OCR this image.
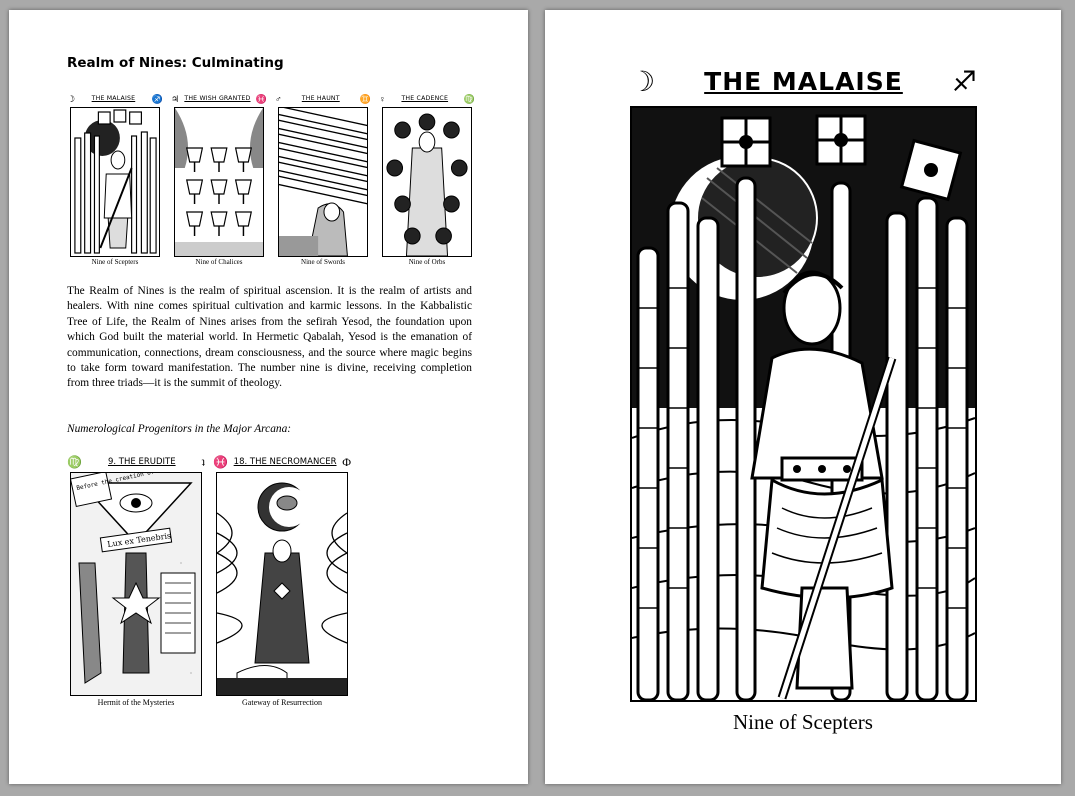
Realm of Nines: Culminating
☽	THE MALAISE ♐
Nine of Scepters
♃ THE WISH GRANTED ♓
Nine of Chalices
♂	THE HAUNT ♊
Nine of Swords
♀	THE CADENCE ♍
Nine of Orbs

The Realm of Nines is the realm of spiritual ascension. It is the realm of artists and healers. With nine comes spiritual cultivation and karmic lessons. In the Kabbalistic Tree of Life, the Realm of Nines arises from the sefirah Yesod, the foundation upon which God built the material world. In Hermetic Qabalah, Yesod is the emanation of communication, connections, dream consciousness, and the source where magic begins to take form toward manifestation. The number nine is divine, receiving completion from three triads—it is the summit of theology.

Numerological Progenitors in the Major Arcana:
♍	9. THE ERUDITE ʇ
Before the creation
Lux ex Tenebris
Hermit of the Mysteries
♓ 18. THE NECROMANCER Φ
Gateway of Resurrection
☽ THE MALAISE ♐
Nine of Scepters
